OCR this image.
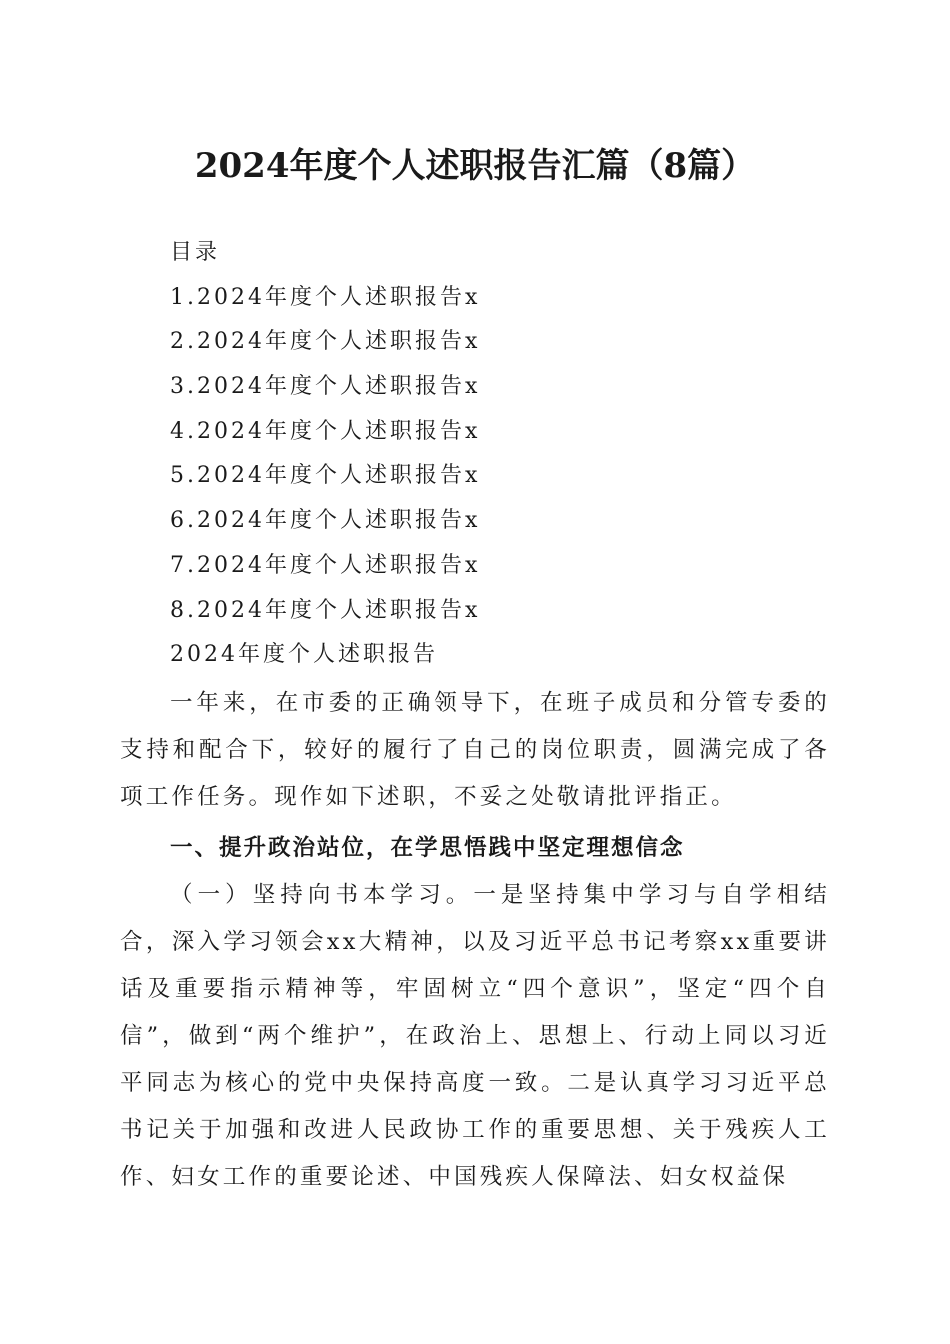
2024年度个人述职报告汇篇（8篇）
目录
1.2024年度个人述职报告x
2.2024年度个人述职报告x
3.2024年度个人述职报告x
4.2024年度个人述职报告x
5.2024年度个人述职报告x
6.2024年度个人述职报告x
7.2024年度个人述职报告x
8.2024年度个人述职报告x
2024年度个人述职报告

一年来，在市委的正确领导下，在班子成员和分管专委的支持和配合下，较好的履行了自己的岗位职责，圆满完成了各项工作任务。现作如下述职，不妥之处敬请批评指正。

一、提升政治站位，在学思悟践中坚定理想信念

（一）坚持向书本学习。一是坚持集中学习与自学相结合，深入学习领会xx大精神，以及习近平总书记考察xx重要讲话及重要指示精神等，牢固树立“四个意识”，坚定“四个自信”，做到“两个维护”，在政治上、思想上、行动上同以习近平同志为核心的党中央保持高度一致。二是认真学习习近平总书记关于加强和改进人民政协工作的重要思想、关于残疾人工作、妇女工作的重要论述、中国残疾人保障法、妇女权益保
